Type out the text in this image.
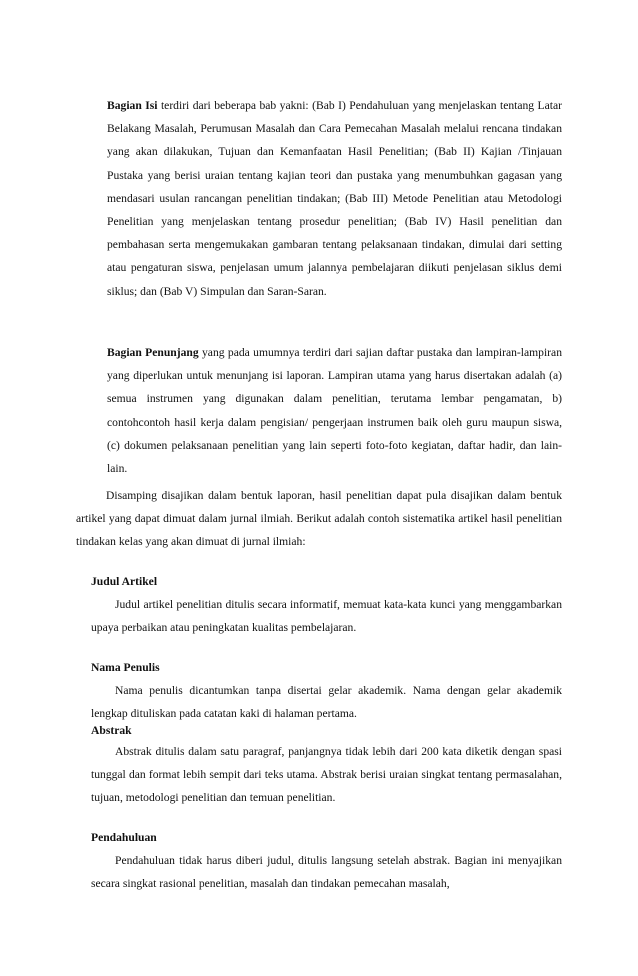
Bagian Isi terdiri dari beberapa bab yakni: (Bab I) Pendahuluan yang menjelaskan tentang Latar Belakang Masalah, Perumusan Masalah dan Cara Pemecahan Masalah melalui rencana tindakan yang akan dilakukan, Tujuan dan Kemanfaatan Hasil Penelitian; (Bab II) Kajian /Tinjauan Pustaka yang berisi uraian tentang kajian teori dan pustaka yang menumbuhkan gagasan yang mendasari usulan rancangan penelitian tindakan; (Bab III) Metode Penelitian atau Metodologi Penelitian yang menjelaskan tentang prosedur penelitian; (Bab IV) Hasil penelitian dan pembahasan serta mengemukakan gambaran tentang pelaksanaan tindakan, dimulai dari setting atau pengaturan siswa, penjelasan umum jalannya pembelajaran diikuti penjelasan siklus demi siklus; dan (Bab V) Simpulan dan Saran-Saran.

Bagian Penunjang yang pada umumnya terdiri dari sajian daftar pustaka dan lampiran-lampiran yang diperlukan untuk menunjang isi laporan. Lampiran utama yang harus disertakan adalah (a) semua instrumen yang digunakan dalam penelitian, terutama lembar pengamatan, b) contohcontoh hasil kerja dalam pengisian/ pengerjaan instrumen baik oleh guru maupun siswa, (c) dokumen pelaksanaan penelitian yang lain seperti foto-foto kegiatan, daftar hadir, dan lain-lain.

Disamping disajikan dalam bentuk laporan, hasil penelitian dapat pula disajikan dalam bentuk artikel yang dapat dimuat dalam jurnal ilmiah. Berikut adalah contoh sistematika artikel hasil penelitian tindakan kelas yang akan dimuat di jurnal ilmiah:

Judul Artikel

Judul artikel penelitian ditulis secara informatif, memuat kata-kata kunci yang menggambarkan upaya perbaikan atau peningkatan kualitas pembelajaran.

Nama Penulis

Nama penulis dicantumkan tanpa disertai gelar akademik. Nama dengan gelar akademik lengkap dituliskan pada catatan kaki di halaman pertama.

Abstrak

Abstrak ditulis dalam satu paragraf, panjangnya tidak lebih dari 200 kata diketik dengan spasi tunggal dan format lebih sempit dari teks utama. Abstrak berisi uraian singkat tentang permasalahan, tujuan, metodologi penelitian dan temuan penelitian.

Pendahuluan

Pendahuluan tidak harus diberi judul, ditulis langsung setelah abstrak. Bagian ini menyajikan secara singkat rasional penelitian, masalah dan tindakan pemecahan masalah,
